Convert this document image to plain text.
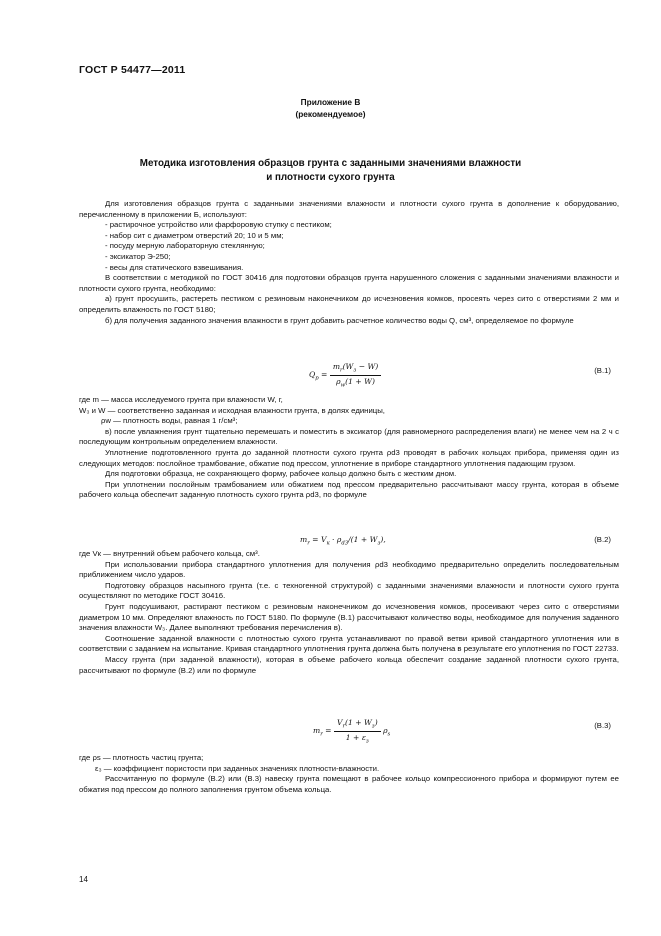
ГОСТ Р 54477—2011
Приложение В
(рекомендуемое)
Методика изготовления образцов грунта с заданными значениями влажности
и плотности сухого грунта

Для изготовления образцов грунта с заданными значениями влажности и плотности сухого грунта в дополнение к оборудованию, перечисленному в приложении Б, используют:

- растирочное устройство или фарфоровую ступку с пестиком;

- набор сит с диаметром отверстий 20; 10 и 5 мм;

- посуду мерную лабораторную стеклянную;

- эксикатор Э-250;

- весы для статического взвешивания.

В соответствии с методикой по ГОСТ 30416 для подготовки образцов грунта нарушенного сложения с заданными значениями влажности и плотности сухого грунта, необходимо:

а) грунт просушить, растереть пестиком с резиновым наконечником до исчезновения комков, просеять через сито с отверстиями 2 мм и определить влажность по ГОСТ 5180;

б) для получения заданного значения влажности в грунт добавить расчетное количество воды Q, см³, определяемое по формуле

$Q_p = \frac{m_r(W_з - W)}{\rho_w(1 + W)}$	(В.1)

где m — масса исследуемого грунта при влажности W, г,

W₃ и W — соответственно заданная и исходная влажности грунта, в долях единицы,

ρw — плотность воды, равная 1 г/см³;

в) после увлажнения грунт тщательно перемешать и поместить в эксикатор (для равномерного распределения влаги) не менее чем на 2 ч с последующим контрольным определением влажности.

Уплотнение подготовленного грунта до заданной плотности сухого грунта ρd3 проводят в рабочих кольцах прибора, применяя один из следующих методов: послойное трамбование, обжатие под прессом, уплотнение в приборе стандартного уплотнения падающим грузом.

Для подготовки образца, не сохраняющего форму, рабочее кольцо должно быть с жестким дном.

При уплотнении послойным трамбованием или обжатием под прессом предварительно рассчитывают массу грунта, которая в объеме рабочего кольца обеспечит заданную плотность сухого грунта ρd3, по формуле

$m_r = V_к \cdot \rho_{d3}/(1 + W_з)$,	(В.2)

где Vк — внутренний объем рабочего кольца, см³.

При использовании прибора стандартного уплотнения для получения ρd3 необходимо предварительно определить последовательным приближением число ударов.

Подготовку образцов насыпного грунта (т.е. с техногенной структурой) с заданными значениями влажности и плотности сухого грунта осуществляют по методике ГОСТ 30416.

Грунт подсушивают, растирают пестиком с резиновым наконечником до исчезновения комков, просеивают через сито с отверстиями диаметром 10 мм. Определяют влажность по ГОСТ 5180. По формуле (В.1) рассчитывают количество воды, необходимое для получения заданного значения влажности W₃. Далее выполняют требования перечисления в).

Соотношение заданной влажности с плотностью сухого грунта устанавливают по правой ветви кривой стандартного уплотнения или в соответствии с заданием на испытание. Кривая стандартного уплотнения грунта должна быть получена в результате его уплотнения по ГОСТ 22733.

Массу грунта (при заданной влажности), которая в объеме рабочего кольца обеспечит создание заданной плотности сухого грунта, рассчитывают по формуле (В.2) или по формуле

$m_r = \frac{V_r(1 + W_з)}{1 + \varepsilon_з} \rho_s$
(В.3)

где ρs — плотность частиц грунта;

ε₃ — коэффициент пористости при заданных значениях плотности-влажности.

Рассчитанную по формуле (В.2) или (В.3) навеску грунта помещают в рабочее кольцо компрессионного прибора и формируют путем ее обжатия под прессом до полного заполнения грунтом объема кольца.

14
